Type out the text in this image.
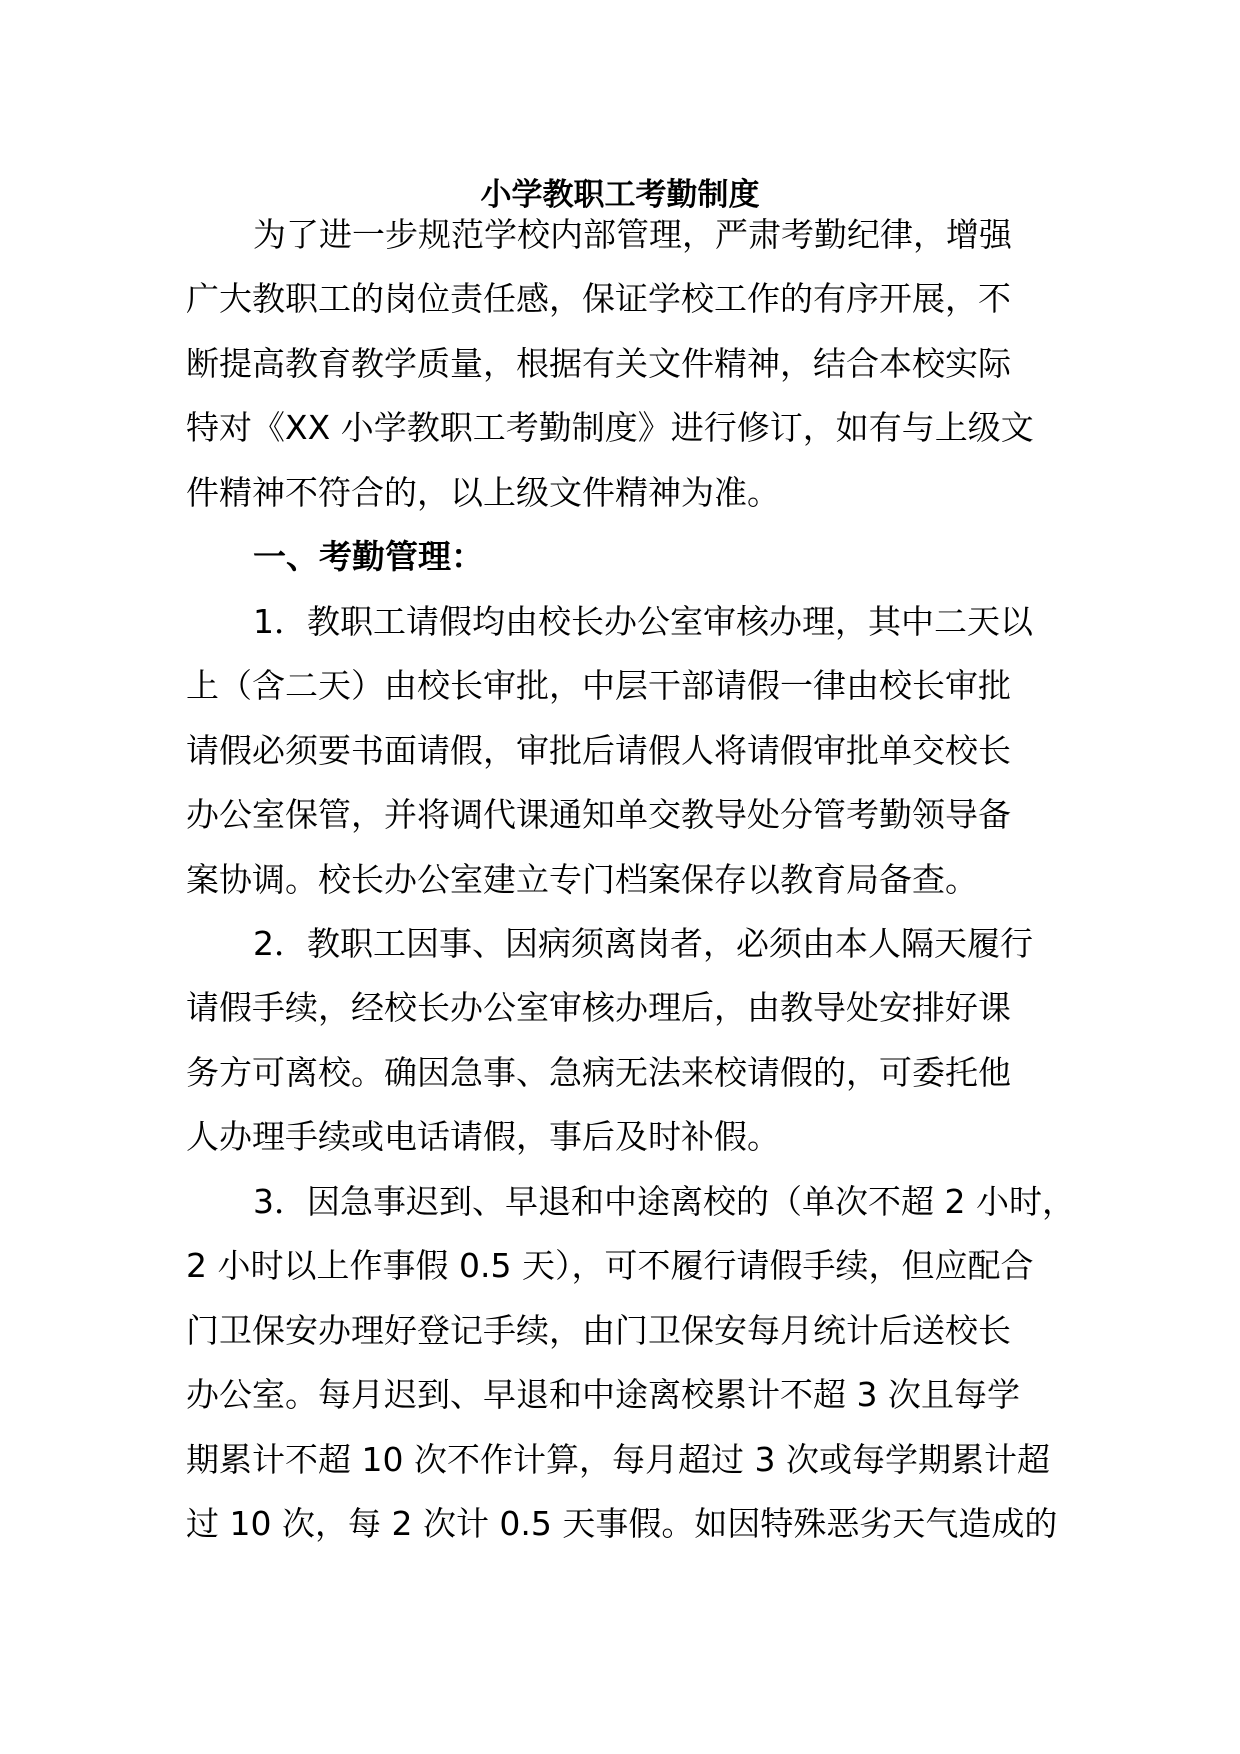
小学教职工考勤制度

为了进一步规范学校内部管理，严肃考勤纪律，增强

广大教职工的岗位责任感，保证学校工作的有序开展，不

断提高教育教学质量，根据有关文件精神，结合本校实际

特对《XX 小学教职工考勤制度》进行修订，如有与上级文

件精神不符合的，以上级文件精神为准。

一、考勤管理：

1．教职工请假均由校长办公室审核办理，其中二天以

上（含二天）由校长审批，中层干部请假一律由校长审批

请假必须要书面请假，审批后请假人将请假审批单交校长

办公室保管，并将调代课通知单交教导处分管考勤领导备

案协调。校长办公室建立专门档案保存以教育局备查。

2．教职工因事、因病须离岗者，必须由本人隔天履行

请假手续，经校长办公室审核办理后，由教导处安排好课

务方可离校。确因急事、急病无法来校请假的，可委托他

人办理手续或电话请假，事后及时补假。

3．因急事迟到、早退和中途离校的（单次不超 2 小时，

2 小时以上作事假 0.5 天），可不履行请假手续，但应配合

门卫保安办理好登记手续，由门卫保安每月统计后送校长

办公室。每月迟到、早退和中途离校累计不超 3 次且每学

期累计不超 10 次不作计算，每月超过 3 次或每学期累计超

过 10 次，每 2 次计 0.5 天事假。如因特殊恶劣天气造成的
